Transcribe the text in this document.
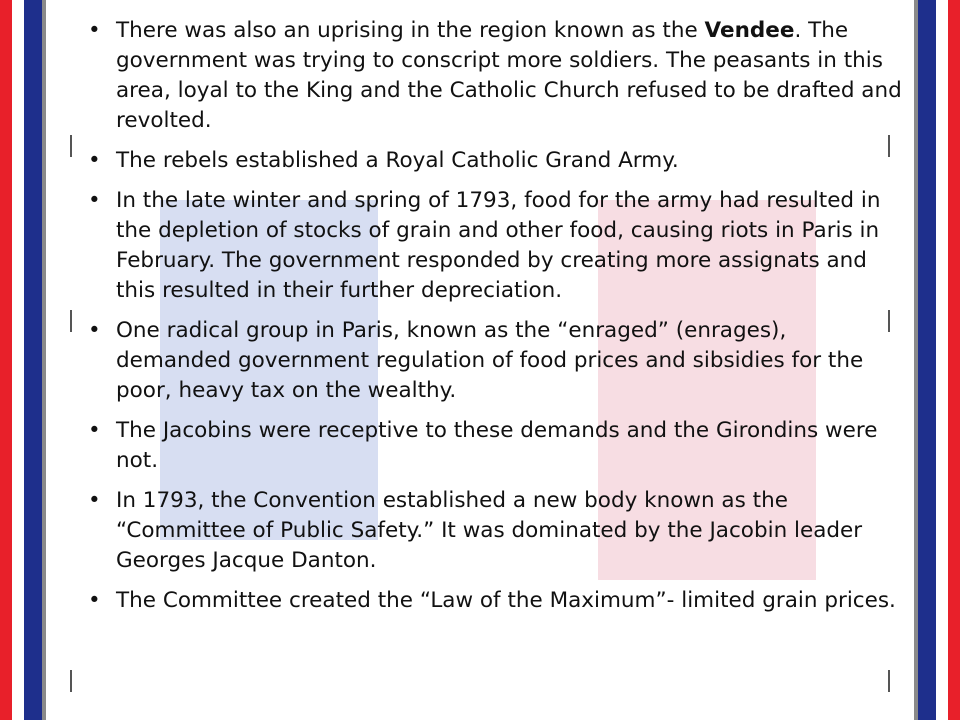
• There was also an uprising in the region known as the Vendee. The government was trying to conscript more soldiers. The peasants in this area, loyal to the King and the Catholic Church refused to be drafted and revolted.
• The rebels established a Royal Catholic Grand Army.
• In the late winter and spring of 1793, food for the army had resulted in the depletion of stocks of grain and other food, causing riots in Paris in February. The government responded by creating more assignats and this resulted in their further depreciation.
• One radical group in Paris, known as the “enraged” (enrages), demanded government regulation of food prices and sibsidies for the poor, heavy tax on the wealthy.
• The Jacobins were receptive to these demands and the Girondins were not.
• In 1793, the Convention established a new body known as the “Committee of Public Safety.” It was dominated by the Jacobin leader Georges Jacque Danton.
• The Committee created the “Law of the Maximum”- limited grain prices.
